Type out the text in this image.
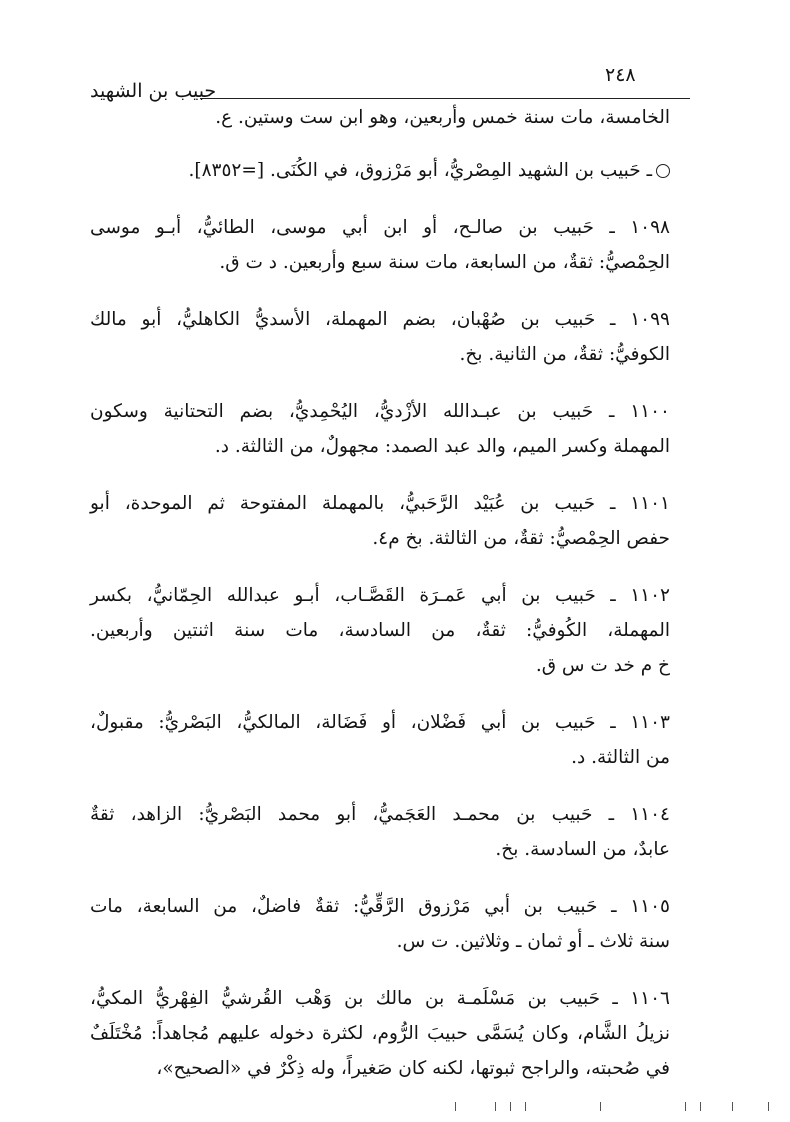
حبيب بن الشهيد
٢٤٨

الخامسة، مات سنة خمس وأربعين، وهو ابن ست وستين. ع.

ـ حَبيب بن الشهيد المِصْريُّ، أبو مَرْزوق، في الكُنَى. [=٨٣٥٢].

١٠٩٨ ـ حَبيب بن صالـح، أو ابن أبي موسى، الطائيُّ، أبـو موسى
الحِمْصيُّ: ثقةٌ، من السابعة، مات سنة سبع وأربعين. د ت ق.

١٠٩٩ ـ حَبيب بن صُهْبان، بضم المهملة، الأسديُّ الكاهليُّ، أبو مالك
الكوفيُّ: ثقةٌ، من الثانية. بخ.

١١٠٠ ـ حَبيب بن عبـدالله الأزْديُّ، اليُحْمِديُّ، بضم التحتانية وسكون
المهملة وكسر الميم، والد عبد الصمد: مجهولٌ، من الثالثة. د.

١١٠١ ـ حَبيب بن عُبَيْد الرَّحَبيُّ، بالمهملة المفتوحة ثم الموحدة، أبو
حفص الحِمْصيُّ: ثقةٌ، من الثالثة. بخ م٤.

١١٠٢ ـ حَبيب بن أبي عَمـرَة القَصَّـاب، أبـو عبدالله الحِمّانيُّ، بكسر
المهملة، الكُوفيُّ: ثقةٌ، من السادسة، مات سنة اثنتين وأربعين.
خ م خد ت س ق.

١١٠٣ ـ حَبيب بن أبي فَضْلان، أو فَضَالة، المالكيُّ، البَصْريُّ: مقبولٌ،
من الثالثة. د.

١١٠٤ ـ حَبيب بن محمـد العَجَميُّ، أبو محمد البَصْريُّ: الزاهد، ثقةٌ
عابدٌ، من السادسة. بخ.

١١٠٥ ـ حَبيب بن أبي مَرْزوق الرَّقِّيُّ: ثقةٌ فاضلٌ، من السابعة، مات
سنة ثلاث ـ أو ثمان ـ وثلاثين. ت س.

١١٠٦ ـ حَبيب بن مَسْلَمـة بن مالك بن وَهْب القُرشيُّ الفِهْريُّ المكيُّ،
نزيلُ الشَّام، وكان يُسَمَّى حبيبَ الرُّوم، لكثرة دخوله عليهم مُجاهداً: مُخْتَلَفٌ
في صُحبته، والراجح ثبوتها، لكنه كان صَغيراً، وله ذِكْرٌ في «الصحيح»،
